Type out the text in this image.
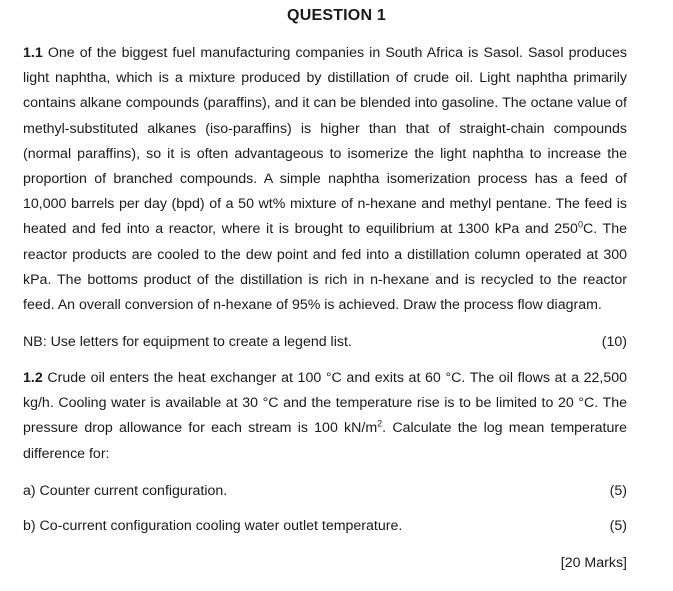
QUESTION 1
1.1 One of the biggest fuel manufacturing companies in South Africa is Sasol. Sasol produces light naphtha, which is a mixture produced by distillation of crude oil. Light naphtha primarily contains alkane compounds (paraffins), and it can be blended into gasoline. The octane value of methyl-substituted alkanes (iso-paraffins) is higher than that of straight-chain compounds (normal paraffins), so it is often advantageous to isomerize the light naphtha to increase the proportion of branched compounds. A simple naphtha isomerization process has a feed of 10,000 barrels per day (bpd) of a 50 wt% mixture of n-hexane and methyl pentane. The feed is heated and fed into a reactor, where it is brought to equilibrium at 1300 kPa and $250^0C$. The reactor products are cooled to the dew point and fed into a distillation column operated at 300 kPa. The bottoms product of the distillation is rich in n-hexane and is recycled to the reactor feed. An overall conversion of n-hexane of 95% is achieved. Draw the process flow diagram.
NB: Use letters for equipment to create a legend list.	(10)
1.2 Crude oil enters the heat exchanger at 100 °C and exits at 60 °C. The oil flows at a 22,500 kg/h. Cooling water is available at 30 °C and the temperature rise is to be limited to 20 °C. The pressure drop allowance for each stream is 100 $kN/m^2$. Calculate the log mean temperature difference for:
a) Counter current configuration.	(5)
b) Co-current configuration cooling water outlet temperature.	(5)
[20 Marks]
